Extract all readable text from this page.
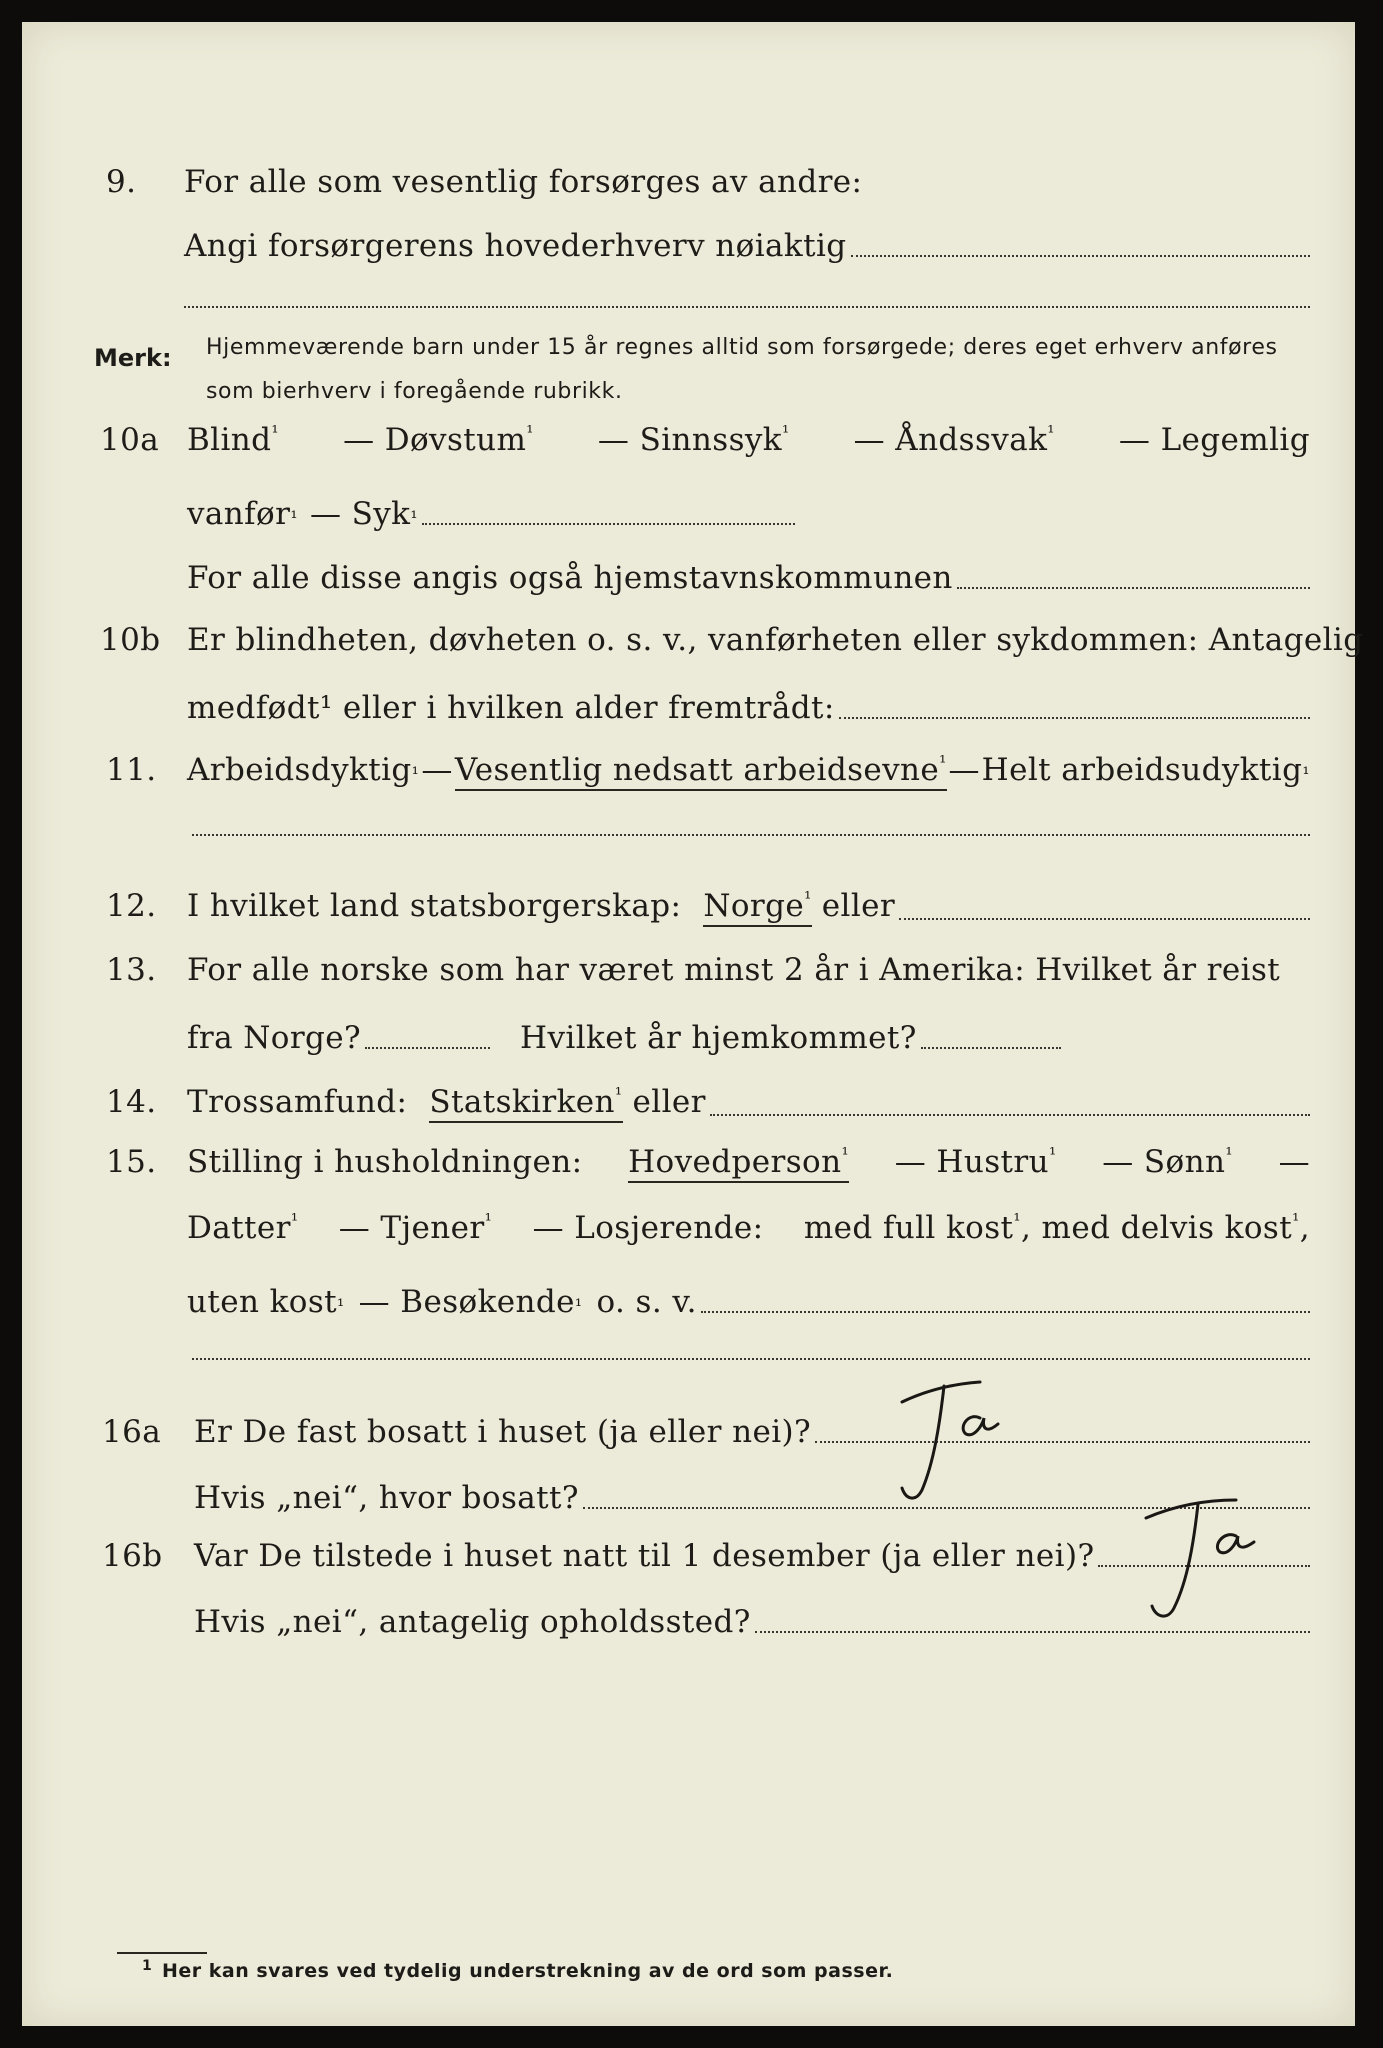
9. For alle som vesentlig forsørges av andre:
Angi forsørgerens hovederhverv nøiaktig
Merk: Hjemmeværende barn under 15 år regnes alltid som forsørgede; deres eget erhverv anføres som bierhverv i foregående rubrikk.
10a Blind$^{^1}$ — Døvstum$^{^1}$ — Sinnssyk$^{^1}$ — Åndssvak$^{^1}$ — Legemlig
vanfør ¹ — Syk ¹
For alle disse angis også hjemstavnskommunen
10b Er blindheten, døvheten o. s. v., vanførheten eller sykdommen: Antagelig
medfødt¹ eller i hvilken alder fremtrådt:
11. Arbeidsdyktig ¹ — Vesentlig nedsatt arbeidsevne$^{^1}$ — Helt arbeidsudyktig ¹
12. I hvilket land statsborgerskap: Norge$^{^1}$ eller
13. For alle norske som har været minst 2 år i Amerika: Hvilket år reist
fra Norge?	Hvilket år hjemkommet?
14. Trossamfund: Statskirken$^{^1}$ eller
15. Stilling i husholdningen: Hovedperson$^{^1}$ — Hustru$^{^1}$ — Sønn$^{^1}$ —
Datter$^{^1}$ — Tjener$^{^1}$ — Losjerende: med full kost$^{^1}$, med delvis kost$^{^1}$,
uten kost ¹ — Besøkende ¹ o. s. v.
16a Er De fast bosatt i huset (ja eller nei)?
Hvis „nei“, hvor bosatt?
16b Var De tilstede i huset natt til 1 desember (ja eller nei)?
Hvis „nei“, antagelig opholdssted?
1 Her kan svares ved tydelig understrekning av de ord som passer.
